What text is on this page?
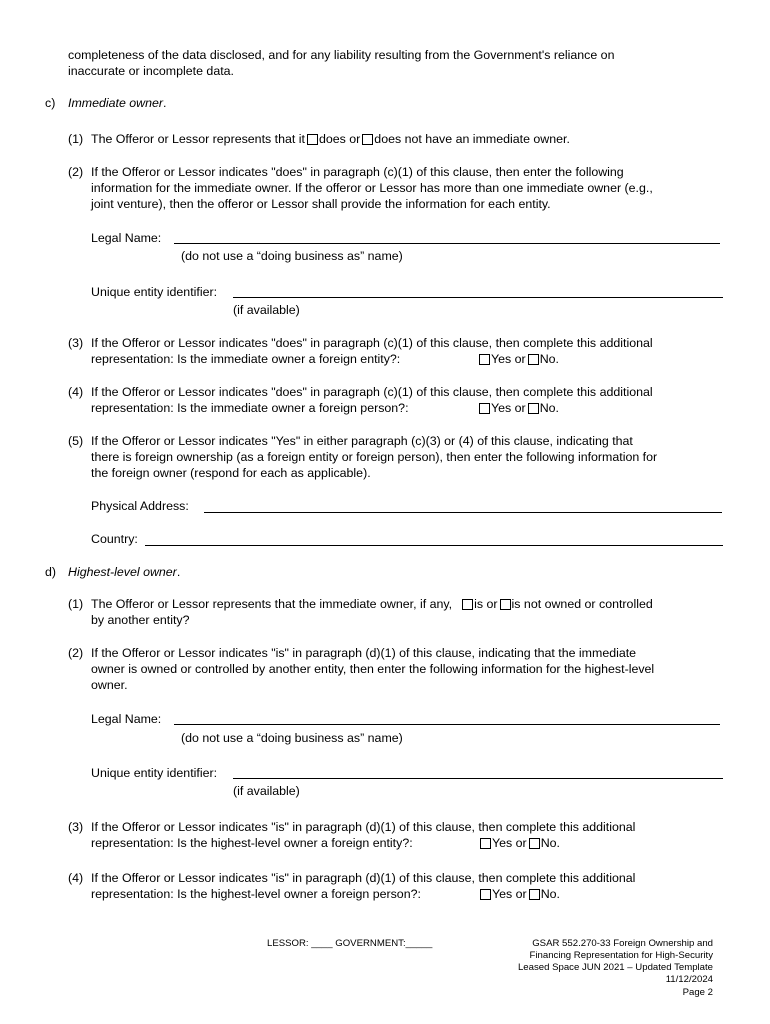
completeness of the data disclosed, and for any liability resulting from the Government's reliance on
inaccurate or incomplete data.
c) Immediate owner.
(1) The Offeror or Lessor represents that it does or does not have an immediate owner.
(2) If the Offeror or Lessor indicates "does" in paragraph (c)(1) of this clause, then enter the following
information for the immediate owner. If the offeror or Lessor has more than one immediate owner (e.g.,
joint venture), then the offeror or Lessor shall provide the information for each entity.
Legal Name:
(do not use a “doing business as” name)
Unique entity identifier:
(if available)
(3) If the Offeror or Lessor indicates "does" in paragraph (c)(1) of this clause, then complete this additional
representation: Is the immediate owner a foreign entity?:	Yes or No.
(4) If the Offeror or Lessor indicates "does" in paragraph (c)(1) of this clause, then complete this additional
representation: Is the immediate owner a foreign person?:	Yes or No.
(5) If the Offeror or Lessor indicates "Yes" in either paragraph (c)(3) or (4) of this clause, indicating that
there is foreign ownership (as a foreign entity or foreign person), then enter the following information for
the foreign owner (respond for each as applicable).
Physical Address:
Country:
d) Highest-level owner.
(1) The Offeror or Lessor represents that the immediate owner, if any, is or is not owned or controlled
by another entity?
(2) If the Offeror or Lessor indicates "is" in paragraph (d)(1) of this clause, indicating that the immediate
owner is owned or controlled by another entity, then enter the following information for the highest-level
owner.
Legal Name:
(do not use a “doing business as” name)
Unique entity identifier:
(if available)
(3) If the Offeror or Lessor indicates "is" in paragraph (d)(1) of this clause, then complete this additional
representation: Is the highest-level owner a foreign entity?:	Yes or No.
(4) If the Offeror or Lessor indicates "is" in paragraph (d)(1) of this clause, then complete this additional
representation: Is the highest-level owner a foreign person?:	Yes or No.
LESSOR: ____ GOVERNMENT:_____	GSAR 552.270-33 Foreign Ownership and
Financing Representation for High-Security
Leased Space JUN 2021 – Updated Template
11/12/2024
Page 2
